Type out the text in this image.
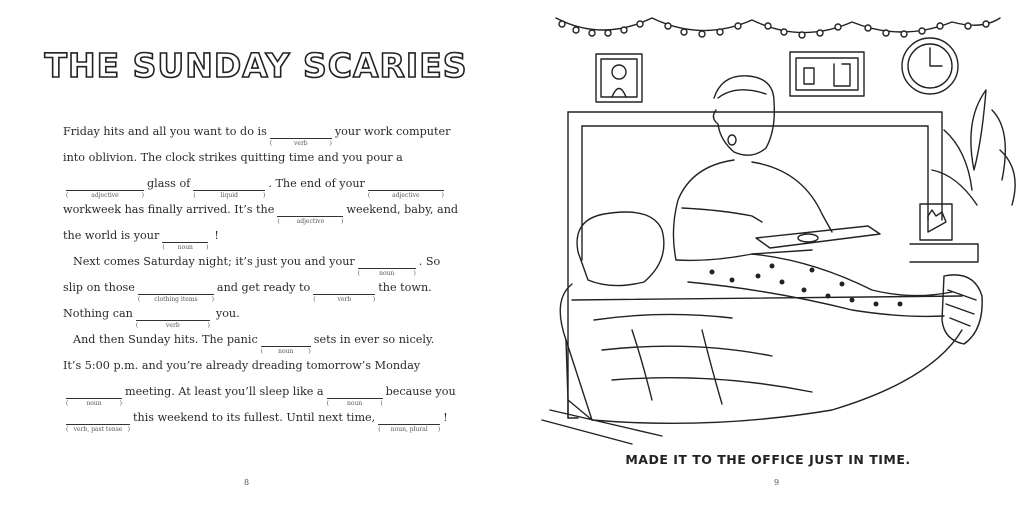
THE SUNDAY SCARIES
Friday hits and all you want to do is
( verb )
your work computer
into oblivion. The clock strikes quitting time and you pour a
( adjective )
glass of
( liquid )
. The end of your
( adjective )
workweek has finally arrived. It’s the
( adjective )
weekend, baby, and
the world is your
( noun )
!
Next comes Saturday night; it’s just you and your
( noun )
. So
slip on those
( clothing items )
and get ready to
( verb )
the town.
Nothing can
( verb )
you.
And then Sunday hits. The panic
( noun )
sets in ever so nicely.
It’s 5:00 p.m. and you’re already dreading tomorrow’s Monday
( noun )
meeting. At least you’ll sleep like a
( noun )
because you
( verb, past tense )
this weekend to its fullest. Until next time,
( noun, plural )
!
8	9
MADE IT TO THE OFFICE JUST IN TIME.
